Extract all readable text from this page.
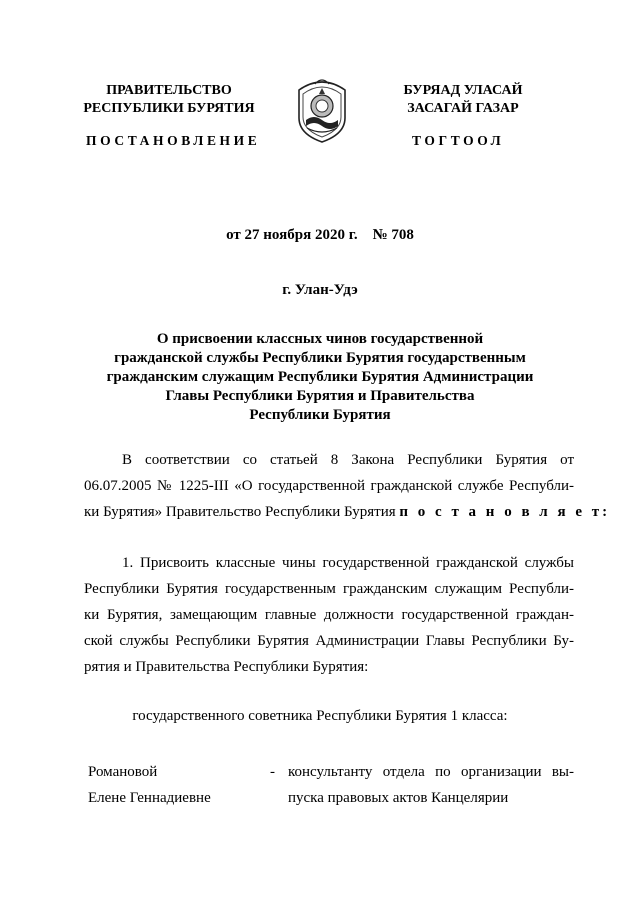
ПРАВИТЕЛЬСТВО
РЕСПУБЛИКИ БУРЯТИЯ
БУРЯАД УЛАСАЙ
ЗАСАГАЙ ГАЗАР
ПОСТАНОВЛЕНИЕ	ТОГТООЛ
от 27 ноября 2020 г.    № 708
г. Улан-Удэ
О присвоении классных чинов государственной
гражданской службы Республики Бурятия государственным
гражданским служащим Республики Бурятия Администрации
Главы Республики Бурятия и Правительства
Республики Бурятия
В соответствии со статьей 8 Закона Республики Бурятия от
06.07.2005 № 1225-III «О государственной гражданской службе Республи-
ки Бурятия» Правительство Республики Бурятия п о с т а н о в л я е т:
1. Присвоить классные чины государственной гражданской службы
Республики Бурятия государственным гражданским служащим Республи-
ки Бурятия, замещающим главные должности государственной граждан-
ской службы Республики Бурятия Администрации Главы Республики Бу-
рятия и Правительства Республики Бурятия:
государственного советника Республики Бурятия 1 класса:
Романовой
Елене Геннадиевне
- консультанту отдела по организации вы-
пуска правовых актов Канцелярии
